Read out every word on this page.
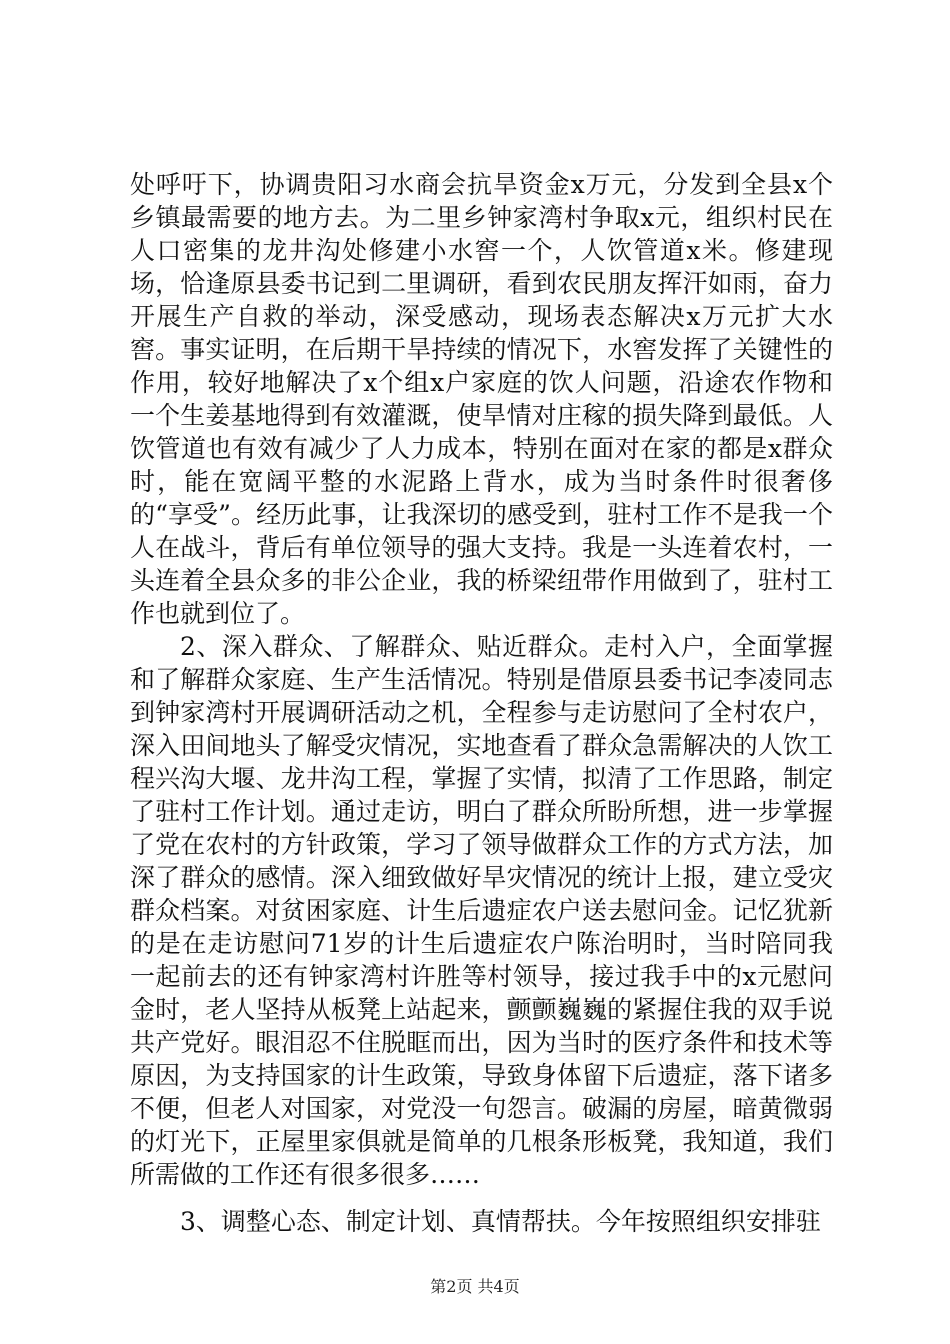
处呼吁下，协调贵阳习水商会抗旱资金x万元，分发到全县x个乡镇最需要的地方去。为二里乡钟家湾村争取x元，组织村民在人口密集的龙井沟处修建小水窖一个，人饮管道x米。修建现场，恰逢原县委书记到二里调研，看到农民朋友挥汗如雨，奋力开展生产自救的举动，深受感动，现场表态解决x万元扩大水窖。事实证明，在后期干旱持续的情况下，水窖发挥了关键性的作用，较好地解决了x个组x户家庭的饮人问题，沿途农作物和一个生姜基地得到有效灌溉，使旱情对庄稼的损失降到最低。人饮管道也有效有减少了人力成本，特别在面对在家的都是x群众时，能在宽阔平整的水泥路上背水，成为当时条件时很奢侈的“享受”。经历此事，让我深切的感受到，驻村工作不是我一个人在战斗，背后有单位领导的强大支持。我是一头连着农村，一头连着全县众多的非公企业，我的桥梁纽带作用做到了，驻村工作也就到位了。

2、深入群众、了解群众、贴近群众。走村入户，全面掌握和了解群众家庭、生产生活情况。特别是借原县委书记李凌同志到钟家湾村开展调研活动之机，全程参与走访慰问了全村农户，深入田间地头了解受灾情况，实地查看了群众急需解决的人饮工程兴沟大堰、龙井沟工程，掌握了实情，拟清了工作思路，制定了驻村工作计划。通过走访，明白了群众所盼所想，进一步掌握了党在农村的方针政策，学习了领导做群众工作的方式方法，加深了群众的感情。深入细致做好旱灾情况的统计上报，建立受灾群众档案。对贫困家庭、计生后遗症农户送去慰问金。记忆犹新的是在走访慰问71岁的计生后遗症农户陈治明时，当时陪同我一起前去的还有钟家湾村许胜等村领导，接过我手中的x元慰问金时，老人坚持从板凳上站起来，颤颤巍巍的紧握住我的双手说共产党好。眼泪忍不住脱眶而出，因为当时的医疗条件和技术等原因，为支持国家的计生政策，导致身体留下后遗症，落下诸多不便，但老人对国家，对党没一句怨言。破漏的房屋，暗黄微弱的灯光下，正屋里家俱就是简单的几根条形板凳，我知道，我们所需做的工作还有很多很多……

3、调整心态、制定计划、真情帮扶。今年按照组织安排驻

第2页 共4页
